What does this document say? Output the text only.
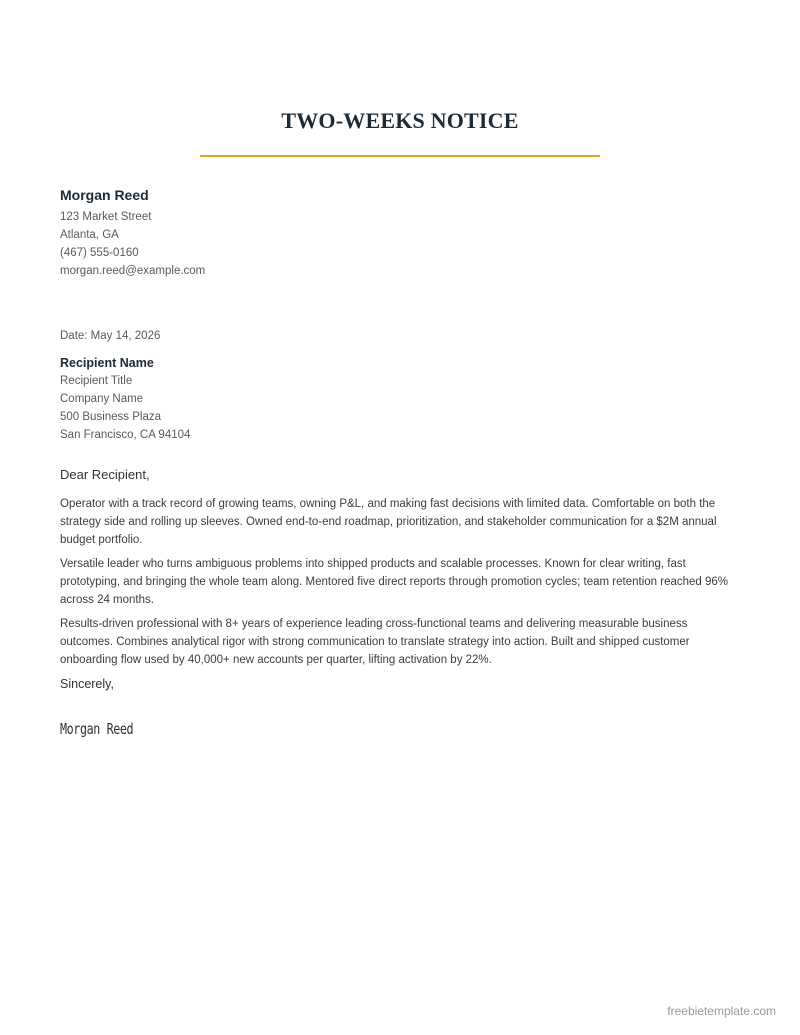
TWO-WEEKS NOTICE
Morgan Reed
123 Market Street
Atlanta, GA
(467) 555-0160
morgan.reed@example.com
Date: May 14, 2026
Recipient Name
Recipient Title
Company Name
500 Business Plaza
San Francisco, CA 94104
Dear Recipient,

Operator with a track record of growing teams, owning P&L, and making fast decisions with limited data. Comfortable on both the strategy side and rolling up sleeves. Owned end-to-end roadmap, prioritization, and stakeholder communication for a $2M annual budget portfolio.

Versatile leader who turns ambiguous problems into shipped products and scalable processes. Known for clear writing, fast prototyping, and bringing the whole team along. Mentored five direct reports through promotion cycles; team retention reached 96% across 24 months.

Results-driven professional with 8+ years of experience leading cross-functional teams and delivering measurable business outcomes. Combines analytical rigor with strong communication to translate strategy into action. Built and shipped customer onboarding flow used by 40,000+ new accounts per quarter, lifting activation by 22%.

Sincerely,
Morgan Reed
freebietemplate.com
